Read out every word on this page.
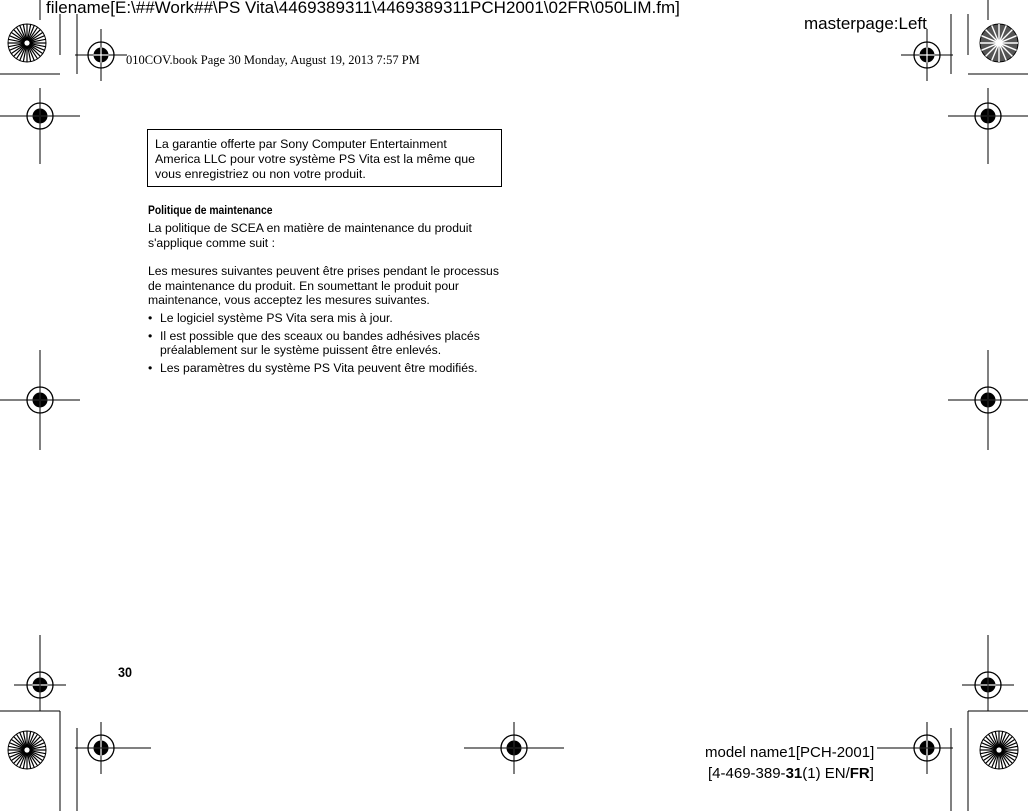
filename[E:\##Work##\PS Vita\4469389311\4469389311PCH2001\02FR\050LIM.fm]
masterpage:Left
010COV.book Page 30 Monday, August 19, 2013 7:57 PM
La garantie offerte par Sony Computer Entertainment America LLC pour votre système PS Vita est la même que vous enregistriez ou non votre produit.
Politique de maintenance
La politique de SCEA en matière de maintenance du produit s'applique comme suit :
Les mesures suivantes peuvent être prises pendant le processus de maintenance du produit. En soumettant le produit pour maintenance, vous acceptez les mesures suivantes.
• Le logiciel système PS Vita sera mis à jour.
• Il est possible que des sceaux ou bandes adhésives placés préalablement sur le système puissent être enlevés.
• Les paramètres du système PS Vita peuvent être modifiés.
30
model name1[PCH-2001]
[4-469-389-31(1) EN/FR]
